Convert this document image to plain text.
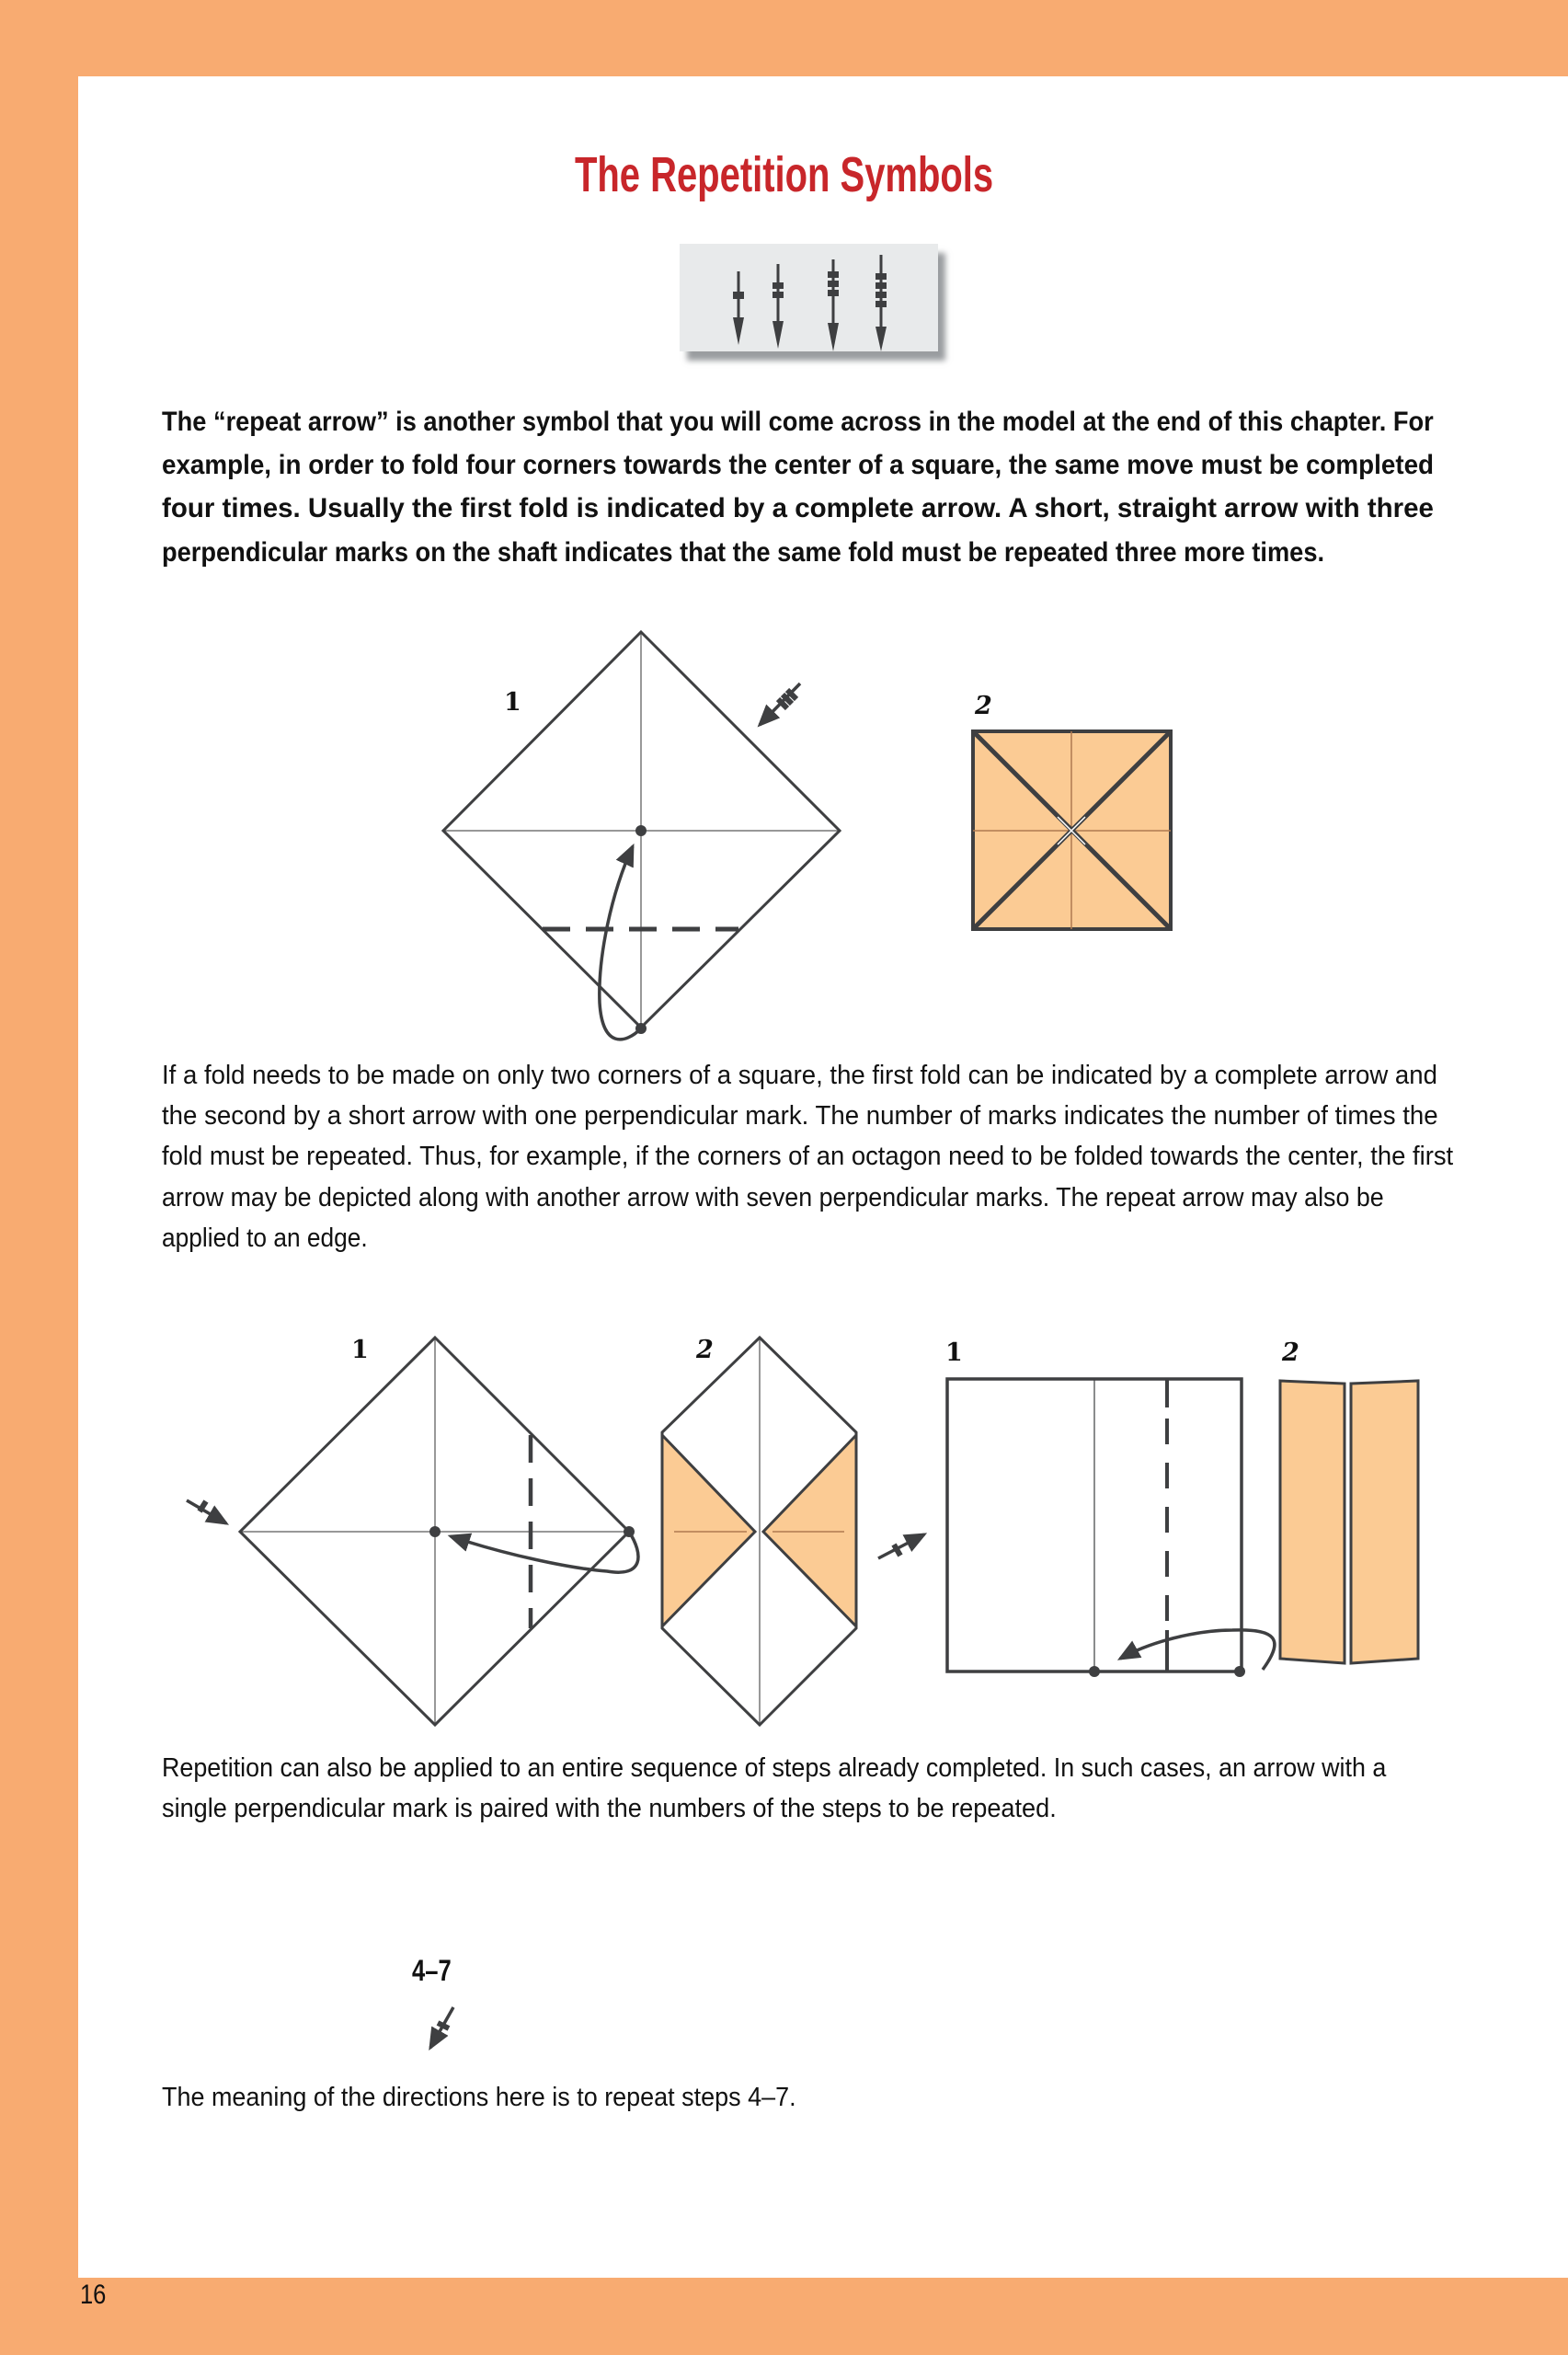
The Repetition Symbols
The “repeat arrow” is another symbol that you will come across in the model at the end of this chapter. For
example, in order to fold four corners towards the center of a square, the same move must be completed
four times. Usually the first fold is indicated by a complete arrow. A short, straight arrow with three
perpendicular marks on the shaft indicates that the same fold must be repeated three more times.
If a fold needs to be made on only two corners of a square, the first fold can be indicated by a complete arrow and
the second by a short arrow with one perpendicular mark. The number of marks indicates the number of times the
fold must be repeated. Thus, for example, if the corners of an octagon need to be folded towards the center, the first
arrow may be depicted along with another arrow with seven perpendicular marks. The repeat arrow may also be
applied to an edge.
Repetition can also be applied to an entire sequence of steps already completed. In such cases, an arrow with a
single perpendicular mark is paired with the numbers of the steps to be repeated.
4–7
The meaning of the directions here is to repeat steps 4–7.
16
1	2
1	2	1	2
